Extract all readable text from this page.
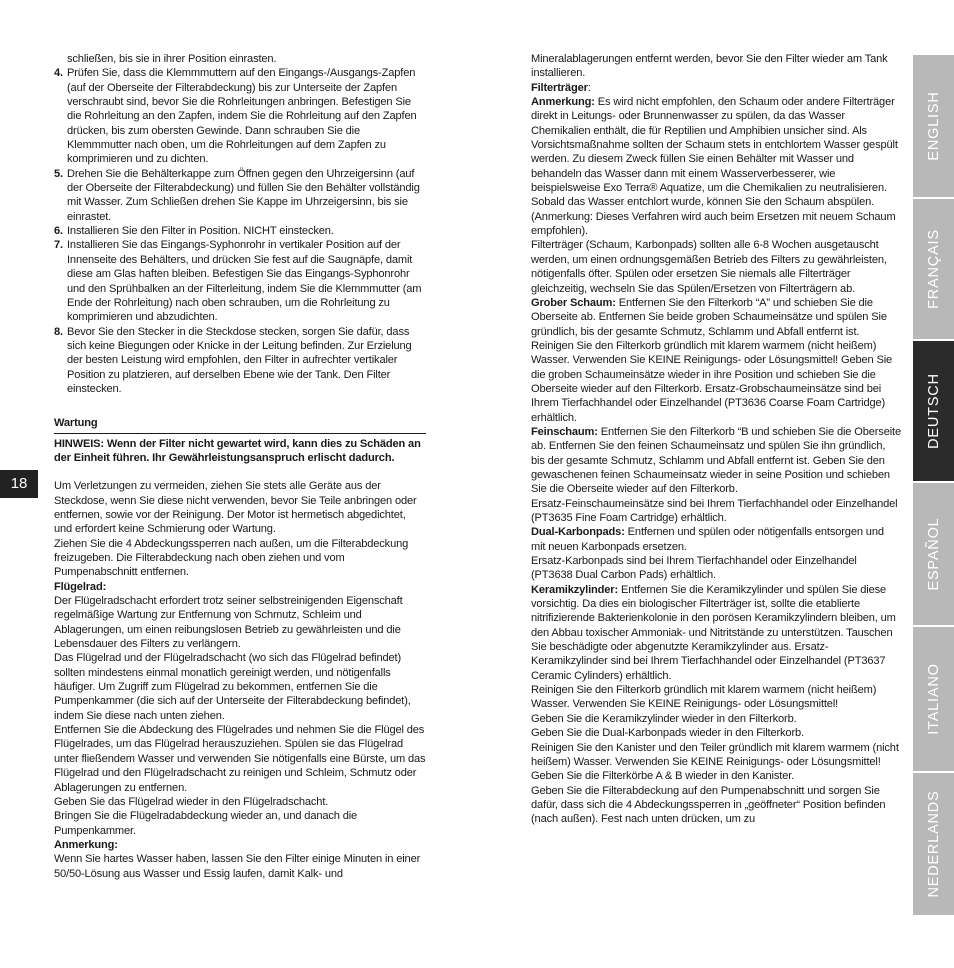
18

schließen, bis sie in ihrer Position einrasten.

4. Prüfen Sie, dass die Klemmmuttern auf den Eingangs-/Ausgangs-Zapfen (auf der Oberseite der Filterabdeckung) bis zur Unterseite der Zapfen verschraubt sind, bevor Sie die Rohrleitungen anbringen. Befestigen Sie die Rohrleitung an den Zapfen, indem Sie die Rohrleitung auf den Zapfen drücken, bis zum obersten Gewinde. Dann schrauben Sie die Klemmmutter nach oben, um die Rohrleitungen auf dem Zapfen zu komprimieren und zu dichten.
5. Drehen Sie die Behälterkappe zum Öffnen gegen den Uhrzeigersinn (auf der Oberseite der Filterabdeckung) und füllen Sie den Behälter vollständig mit Wasser. Zum Schließen drehen Sie Kappe im Uhrzeigersinn, bis sie einrastet.
6. Installieren Sie den Filter in Position. NICHT einstecken.
7. Installieren Sie das Eingangs-Syphonrohr in vertikaler Position auf der Innenseite des Behälters, und drücken Sie fest auf die Saugnäpfe, damit diese am Glas haften bleiben. Befestigen Sie das Eingangs-Syphonrohr und den Sprühbalken an der Filterleitung, indem Sie die Klemmmutter (am Ende der Rohrleitung) nach oben schrauben, um die Rohrleitung zu komprimieren und abzudichten.
8. Bevor Sie den Stecker in die Steckdose stecken, sorgen Sie dafür, dass sich keine Biegungen oder Knicke in der Leitung befinden. Zur Erzielung der besten Leistung wird empfohlen, den Filter in aufrechter vertikaler Position zu platzieren, auf derselben Ebene wie der Tank. Den Filter einstecken.

Wartung

HINWEIS: Wenn der Filter nicht gewartet wird, kann dies zu Schäden an der Einheit führen. Ihr Gewährleistungsanspruch erlischt dadurch.

Um Verletzungen zu vermeiden, ziehen Sie stets alle Geräte aus der Steckdose, wenn Sie diese nicht verwenden, bevor Sie Teile anbringen oder entfernen, sowie vor der Reinigung. Der Motor ist hermetisch abgedichtet, und erfordert keine Schmierung oder Wartung.

Ziehen Sie die 4 Abdeckungssperren nach außen, um die Filterabdeckung freizugeben. Die Filterabdeckung nach oben ziehen und vom Pumpenabschnitt entfernen.

Flügelrad:

Der Flügelradschacht erfordert trotz seiner selbstreinigenden Eigenschaft regelmäßige Wartung zur Entfernung von Schmutz, Schleim und Ablagerungen, um einen reibungslosen Betrieb zu gewährleisten und die Lebensdauer des Filters zu verlängern.

Das Flügelrad und der Flügelradschacht (wo sich das Flügelrad befindet) sollten mindestens einmal monatlich gereinigt werden, und nötigenfalls häufiger. Um Zugriff zum Flügelrad zu bekommen, entfernen Sie die Pumpenkammer (die sich auf der Unterseite der Filterabdeckung befindet), indem Sie diese nach unten ziehen.

Entfernen Sie die Abdeckung des Flügelrades und nehmen Sie die Flügel des Flügelrades, um das Flügelrad herauszuziehen. Spülen sie das Flügelrad unter fließendem Wasser und verwenden Sie nötigenfalls eine Bürste, um das Flügelrad und den Flügelradschacht zu reinigen und Schleim, Schmutz oder Ablagerungen zu entfernen.

Geben Sie das Flügelrad wieder in den Flügelradschacht.

Bringen Sie die Flügelradabdeckung wieder an, und danach die Pumpenkammer.

Anmerkung:

Wenn Sie hartes Wasser haben, lassen Sie den Filter einige Minuten in einer 50/50-Lösung aus Wasser und Essig laufen, damit Kalk- und

Mineralablagerungen entfernt werden, bevor Sie den Filter wieder am Tank installieren.

Filterträger:

Anmerkung: Es wird nicht empfohlen, den Schaum oder andere Filterträger direkt in Leitungs- oder Brunnenwasser zu spülen, da das Wasser Chemikalien enthält, die für Reptilien und Amphibien unsicher sind. Als Vorsichtsmaßnahme sollten der Schaum stets in entchlortem Wasser gespült werden. Zu diesem Zweck füllen Sie einen Behälter mit Wasser und behandeln das Wasser dann mit einem Wasserverbesserer, wie beispielsweise Exo Terra® Aquatize, um die Chemikalien zu neutralisieren. Sobald das Wasser entchlort wurde, können Sie den Schaum abspülen. (Anmerkung: Dieses Verfahren wird auch beim Ersetzen mit neuem Schaum empfohlen).

Filterträger (Schaum, Karbonpads) sollten alle 6-8 Wochen ausgetauscht werden, um einen ordnungsgemäßen Betrieb des Filters zu gewährleisten, nötigenfalls öfter. Spülen oder ersetzen Sie niemals alle Filterträger gleichzeitig, wechseln Sie das Spülen/Ersetzen von Filterträgern ab.

Grober Schaum: Entfernen Sie den Filterkorb “A” und schieben Sie die Oberseite ab. Entfernen Sie beide groben Schaumeinsätze und spülen Sie gründlich, bis der gesamte Schmutz, Schlamm und Abfall entfernt ist. Reinigen Sie den Filterkorb gründlich mit klarem warmem (nicht heißem) Wasser. Verwenden Sie KEINE Reinigungs- oder Lösungsmittel! Geben Sie die groben Schaumeinsätze wieder in ihre Position und schieben Sie die Oberseite wieder auf den Filterkorb. Ersatz-Grobschaumeinsätze sind bei Ihrem Tierfachhandel oder Einzelhandel (PT3636 Coarse Foam Cartridge) erhältlich.

Feinschaum: Entfernen Sie den Filterkorb “B und schieben Sie die Oberseite ab. Entfernen Sie den feinen Schaumeinsatz und spülen Sie ihn gründlich, bis der gesamte Schmutz, Schlamm und Abfall entfernt ist. Geben Sie den gewaschenen feinen Schaumeinsatz wieder in seine Position und schieben Sie die Oberseite wieder auf den Filterkorb.

Ersatz-Feinschaumeinsätze sind bei Ihrem Tierfachhandel oder Einzelhandel (PT3635 Fine Foam Cartridge) erhältlich.

Dual-Karbonpads: Entfernen und spülen oder nötigenfalls entsorgen und mit neuen Karbonpads ersetzen.

Ersatz-Karbonpads sind bei Ihrem Tierfachhandel oder Einzelhandel (PT3638 Dual Carbon Pads) erhältlich.

Keramikzylinder: Entfernen Sie die Keramikzylinder und spülen Sie diese vorsichtig. Da dies ein biologischer Filterträger ist, sollte die etablierte nitrifizierende Bakterienkolonie in den porösen Keramikzylindern bleiben, um den Abbau toxischer Ammoniak- und Nitritstände zu unterstützen. Tauschen Sie beschädigte oder abgenutzte Keramikzylinder aus. Ersatz-Keramikzylinder sind bei Ihrem Tierfachhandel oder Einzelhandel (PT3637 Ceramic Cylinders) erhältlich.

Reinigen Sie den Filterkorb gründlich mit klarem warmem (nicht heißem) Wasser. Verwenden Sie KEINE Reinigungs- oder Lösungsmittel!

Geben Sie die Keramikzylinder wieder in den Filterkorb.

Geben Sie die Dual-Karbonpads wieder in den Filterkorb.

Reinigen Sie den Kanister und den Teiler gründlich mit klarem warmem (nicht heißem) Wasser. Verwenden Sie KEINE Reinigungs- oder Lösungsmittel!

Geben Sie die Filterkörbe A & B wieder in den Kanister.

Geben Sie die Filterabdeckung auf den Pumpenabschnitt und sorgen Sie dafür, dass sich die 4 Abdeckungssperren in „geöffneter“ Position befinden (nach außen). Fest nach unten drücken, um zu

ENGLISH
FRANÇAIS
DEUTSCH
ESPAÑOL
ITALIANO
NEDERLANDS
